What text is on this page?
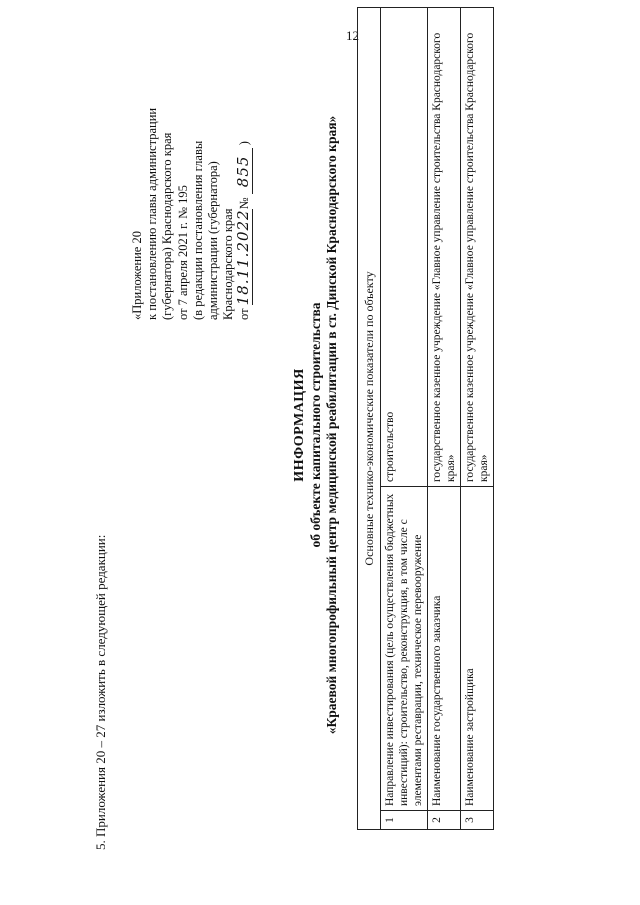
12
5. Приложения 20 – 27 изложить в следующей редакции:
«Приложение 20 к постановлению главы администрации (губернатора) Краснодарского края от 7 апреля 2021 г. № 195 (в редакции постановления главы администрации (губернатора) Краснодарского края от 18.11.2022№ 855 )
ИНФОРМАЦИЯ об объекте капитального строительства «Краевой многопрофильный центр медицинской реабилитации в ст. Динской Краснодарского края» Основные технико-экономические показатели по объекту		
1	Направление инвестирования (цель осуществления бюджетных инвестиций): строительство, реконструкция, в том числе с элементами реставрации, техническое перевооружение	строительство
2	Наименование государственного заказчика	государственное казенное учреждение «Главное управление строительства Краснодарского края»
3	Наименование застройщика	государственное казенное учреждение «Главное управление строительства Краснодарского края»
